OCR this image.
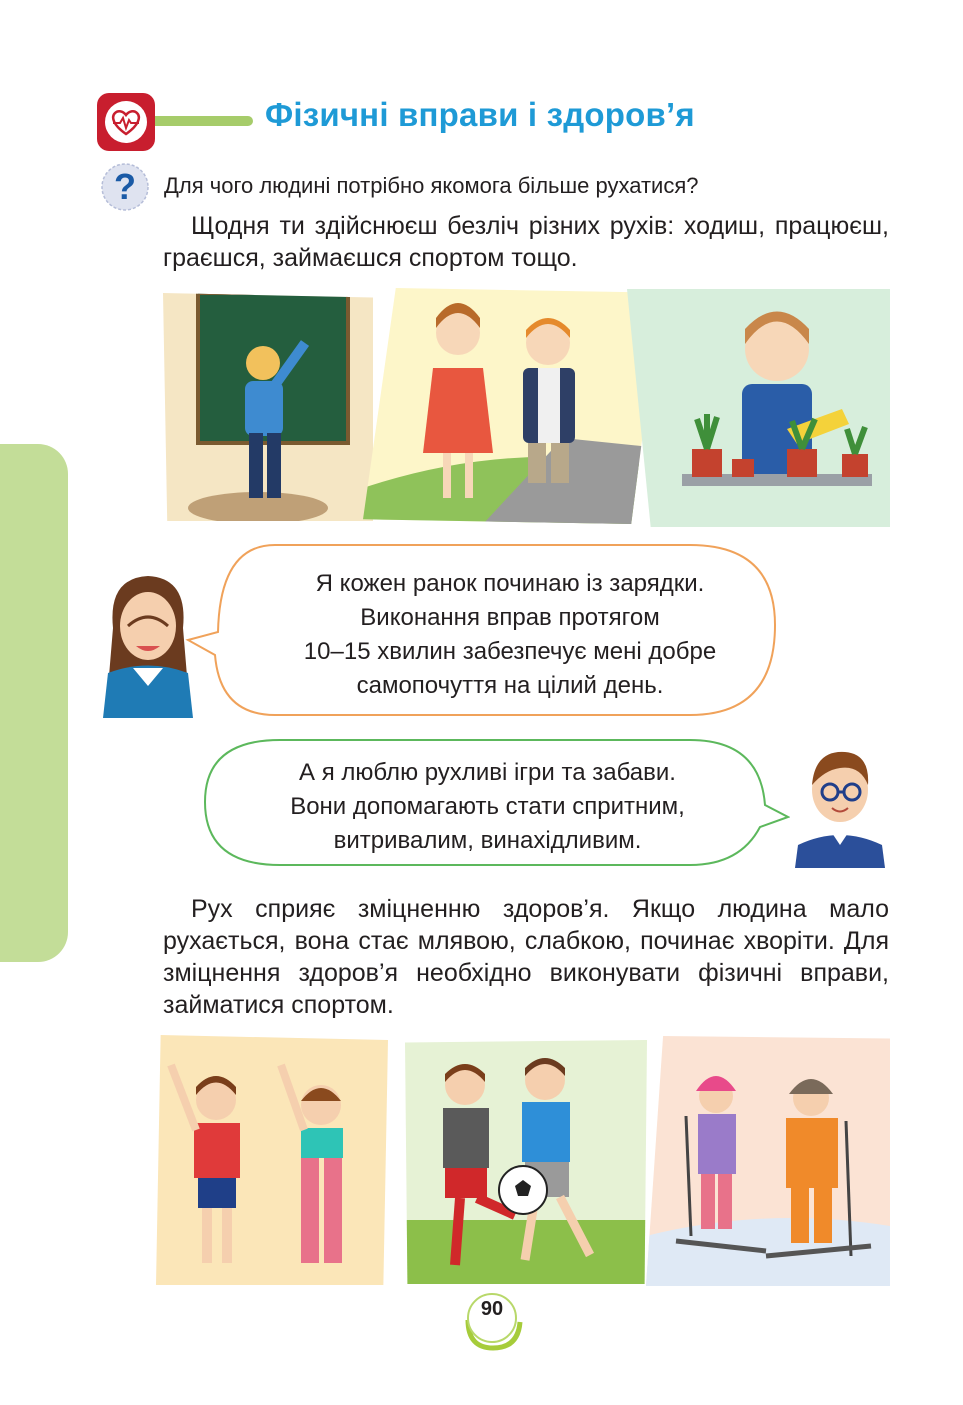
Фізичні вправи і здоров’я
? Для чого людині потрібно якомога більше рухатися?
Щодня ти здійснюєш безліч різних рухів: ходиш, працюєш, граєшся, займаєшся спортом тощо.
Я кожен ранок починаю із зарядки.
Виконання вправ протягом
10–15 хвилин забезпечує мені добре
самопочуття на цілий день.
А я люблю рухливі ігри та забави.
Вони допомагають стати спритним,
витривалим, винахідливим.
Рух сприяє зміцненню здоров’я. Якщо людина мало рухається, вона стає млявою, слабкою, починає хворіти. Для зміцнення здоров’я необхідно виконувати фізичні вправи, займатися спортом.
90
